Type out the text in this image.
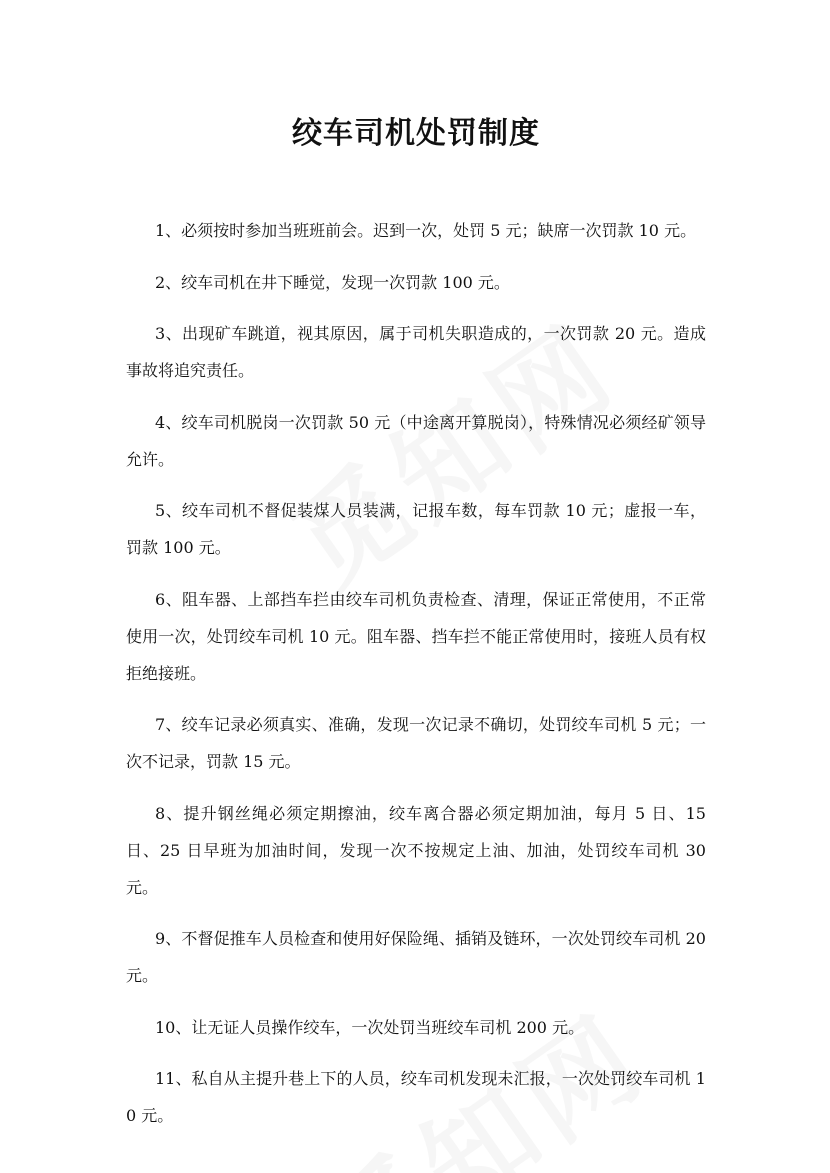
绞车司机处罚制度

1、必须按时参加当班班前会。迟到一次，处罚 5 元；缺席一次罚款 10 元。

2、绞车司机在井下睡觉，发现一次罚款 100 元。

3、出现矿车跳道，视其原因，属于司机失职造成的，一次罚款 20 元。造成事故将追究责任。

4、绞车司机脱岗一次罚款 50 元（中途离开算脱岗），特殊情况必须经矿领导允许。

5、绞车司机不督促装煤人员装满，记报车数，每车罚款 10 元；虚报一车，罚款 100 元。

6、阻车器、上部挡车拦由绞车司机负责检查、清理，保证正常使用，不正常使用一次，处罚绞车司机 10 元。阻车器、挡车拦不能正常使用时，接班人员有权拒绝接班。

7、绞车记录必须真实、准确，发现一次记录不确切，处罚绞车司机 5 元；一次不记录，罚款 15 元。

8、提升钢丝绳必须定期擦油，绞车离合器必须定期加油，每月 5 日、15 日、25 日早班为加油时间，发现一次不按规定上油、加油，处罚绞车司机 30 元。

9、不督促推车人员检查和使用好保险绳、插销及链环，一次处罚绞车司机 20 元。

10、让无证人员操作绞车，一次处罚当班绞车司机 200 元。

11、私自从主提升巷上下的人员，绞车司机发现未汇报，一次处罚绞车司机 10 元。
